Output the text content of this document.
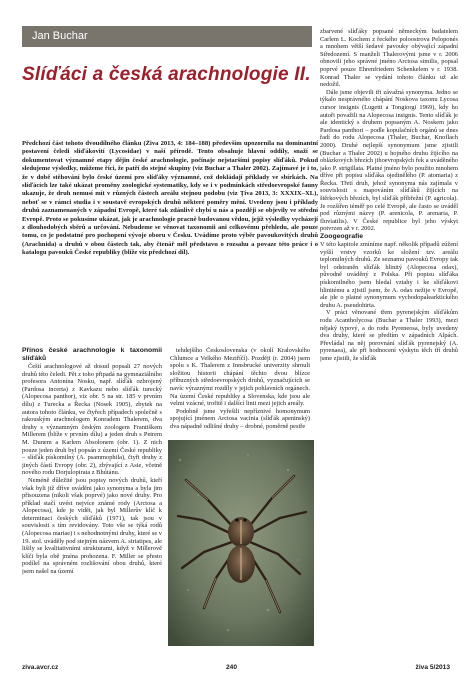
Jan Buchar
Slíďáci a česká arachnologie II.

Předchozí část tohoto dvoudílného článku (Živa 2013, 4: 184–188) především upozornila na dominantní postavení čeledi slíďákovití (Lycosidae) v naší přírodě. Tento obsahuje hlavní oddíly, snaží se dokumentovat významné etapy dějin české arachnologie, počínaje nejstaršími popisy slíďáků. Pokud sledujeme výsledky, můžeme říci, že patří do stejné skupiny (viz Buchar a Thaler 2002). Zajímavé je i to, že v době stěhování bylo české území pro slíďáky významné, což dokládají příklady ve sbírkách. Na slíďácích lze také ukázat proměny zoologické systematiky, kdy se i v podmínkách středoevropské fauny ukazuje, že druh nemusí mít v různých částech areálu stejnou podobu (viz Ţíva 2013, 3: XXXIX–XL), neboť se v rámci studia i v soustavě evropských druhů některé poměry mění. Uvedeny jsou i příklady druhů zaznamenaných v západní Evropě, které tak zdánlivě chybí u nás a později se objevily ve střední Evropě. Proto se pokusíme ukázat, jak je arachnologie pracně budovanou vědou, jejíž výsledky vycházejí z dlouhodobých sběrů a určování. Nebudeme se věnovat taxonomii ani celkovému přehledu, ale pouze tomu, co je podstatné pro pochopení vývoje oboru v Česku. Uvádíme proto výběr pavoukovitých druhů (Arachnida) a druhů v obou částech tak, aby čtenář měl představu o rozsahu a povaze této práce i o katalogu pavouků České republiky (blíže viz předchozí díl).

Přínos české arachnologie k taxonomii slíďáků

Čeští arachnologové až dosud popsali 27 nových druhů této čeledi. Pět z toho připadá na gymnaziálního profesora Antonína Nosku, např. slíďák ozbrojený (Pardosa incerta) z Kavkazu nebo slíďák turecký (Alopecosa panthor), viz obr. 5 na str. 185 v prvním dílu) z Turecka a Řecka (Nosek 1905), zbytek na autora tohoto článku, ve čtyřech případech společně s rakouským arachnologem Konradem Thalerem, dva druhy s významným českým zoologem Františkem Millerem (blíže v prvním dílu) a jeden druh s Petrem M. Dunem a Karlem Absolonem (obr. 1). Z nich pouze jeden druh byl popsán z území České republiky – slíďák pískomilný (A. psammophila), čtyři druhy z jiných částí Evropy (obr. 2), zbývající z Asie, včetně nového rodu Dorjulopirata z Bhútánu.

Neméně důležité jsou popisy nových druhů, kteří však byli již dříve uváděni jako synonyma a byla jim přisouzena (nikoli však poprvé) jako nové druhy. Pro příklad stačí uvést nejvíce známé rody (Arctosa a Alopecosa), kde je vidět, jak byl Millerův klíč k determinaci českých slíďáků (1971), tak jsou v souvislosti s tím revidovány. Toto vše se týká rodů (Alopecosa mariae) i s nehodnotnými druhy, které se v 19. stol. uváděly pod stejným názvem A. striatipes, ale lišily se kvalitativními strukturami, když v Millerově klíči byla obě jména prohozena. F. Miller se přesto podílel na správném rozlišování obou druhů, které jsem našel na území

tehdejšího Československa (v okolí Kralovského Chlumce a Velkého Meziříčí). Později (r. 2004) jsem spolu s K. Thalerem z Innsbrucké univerzity shrnuli složitou historii chápání těchto dvou blízce příbuzných středoevropských druhů, vyznačujících se navíc výraznými rozdíly v jejich pohlavních orgánech. Na území České republiky a Slovenska, kde jsou ale velmi vzácné, trofitě i dalšící linii mezi jejich areály.

Podobně jsme vyřešili nepříznivé homonymum spojující jménem Arctosa vacinia (slíďák apeninský) dva nápadně odlišné druhy – drobné, poměrně pestře

zbarvené slíďáky popsané německým badatelem Carlem L. Kochem z řeckého poloostrova Peloponés a mnohem větší šedavé pavouky obývající západní Středozemí. S manželi Thalerovými jsme v r. 2006 obnovili jeho správné jméno Arctosa similis, popsal poprvé pouze Ehrenfriedem Schenkelem v r. 1938. Konrad Thaler se vydání tohoto článku už ale nedožil.

Dále jsme objevili tři závažná synonyma. Jedno se týkalo nesprávného chápání Noskova taxonu Lycosa cursor insignis (Lugetti a Tongiorgi 1969), kdy ho autoři považili na Alopecosa insignis. Tento slíďák je ale identický s druhem popsaným A. Noskem jako Pardosa panthori – podle kopulačních orgánů se dnes řadí do rodu Alopecosa (Thaler, Buchar, Knoflach 2000). Druhé nejlepší synonymum jsme zjistili (Buchar a Thaler 2002) u hojného druhu žijícího na oblázkových březích jihoevropských řek a uváděného jako P. strigillata. Platné jméno bylo použito mnohem dříve při popisu slíďáka ojedinělého (P. atomaria) z Řecka. Třetí druh, jehož synonyma nás zajímala v souvislosti s mapováním slíďáků žijících na štěrkových březích, byl slíďák příbřežní (P. agricola). Je rozšířen téměř po celé Evropě, ale často se uváděl pod různými názvy (P. arenicola, P. arenaria, P. fluviatilis). V České republice byl jeho výskyt potvrzen až v r. 2002.

Zoogeografie

V této kapitole zmíníme např. několik případů zúžení vyšší vrstvy vzorků ke složení tzv. areálu teplomilných druhů. Ze seznamu pavouků Evropy tak byl odstraněn slíďák hlinitý (Alopecosa odax), původně uváděný z Polska. Při popisu slíďáka pískomilného jsem hledal vztahy i ke slíďákovi hlinitému a zjistil jsem, že A. odax nežije v Evropě, ale jde o platné synonymum vychodopalearktického druhu A. pseudohirta.

V práci věnované třem pyrenejským slíďákům rodu Acantholycosa (Buchar a Thaler 1993), mezi nějaký typový, a do rodu Pyreneosa, byly uvedeny dva druhy, které se předtím v západních Alpách. Převládal na něj porovnání slíďák pyrenejský (A. pyrenaea), ale při hodnocení výskytu těch tří druhů jsme zjistili, že slíďák

ziva.avcr.cz	240	živa 5/2013
